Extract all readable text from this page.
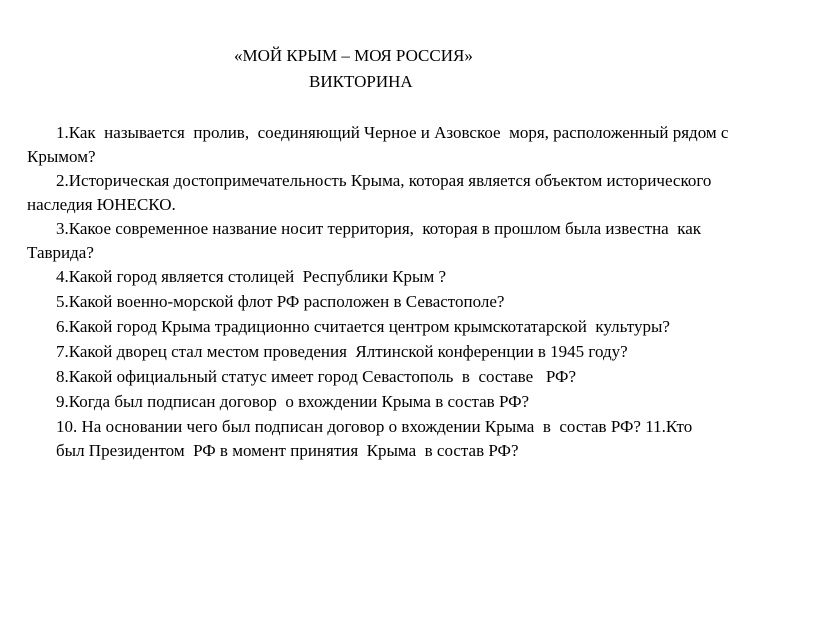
«МОЙ КРЫМ – МОЯ РОССИЯ»
ВИКТОРИНА
1.Как  называется  пролив,  соединяющий Черное и Азовское  моря, расположенный рядом с
Крымом?
2.Историческая достопримечательность Крыма, которая является объектом исторического
наследия ЮНЕСКО.
3.Какое современное название носит территория,  которая в прошлом была известна  как
Таврида?
4.Какой город является столицей  Республики Крым ?
5.Какой военно-морской флот РФ расположен в Севастополе?
6.Какой город Крыма традиционно считается центром крымскотатарской  культуры?
7.Какой дворец стал местом проведения  Ялтинской конференции в 1945 году?
8.Какой официальный статус имеет город Севастополь  в  составе   РФ?
9.Когда был подписан договор  о вхождении Крыма в состав РФ?
10. На основании чего был подписан договор о вхождении Крыма  в  состав РФ? 11.Кто
был Президентом  РФ в момент принятия  Крыма  в состав РФ?
